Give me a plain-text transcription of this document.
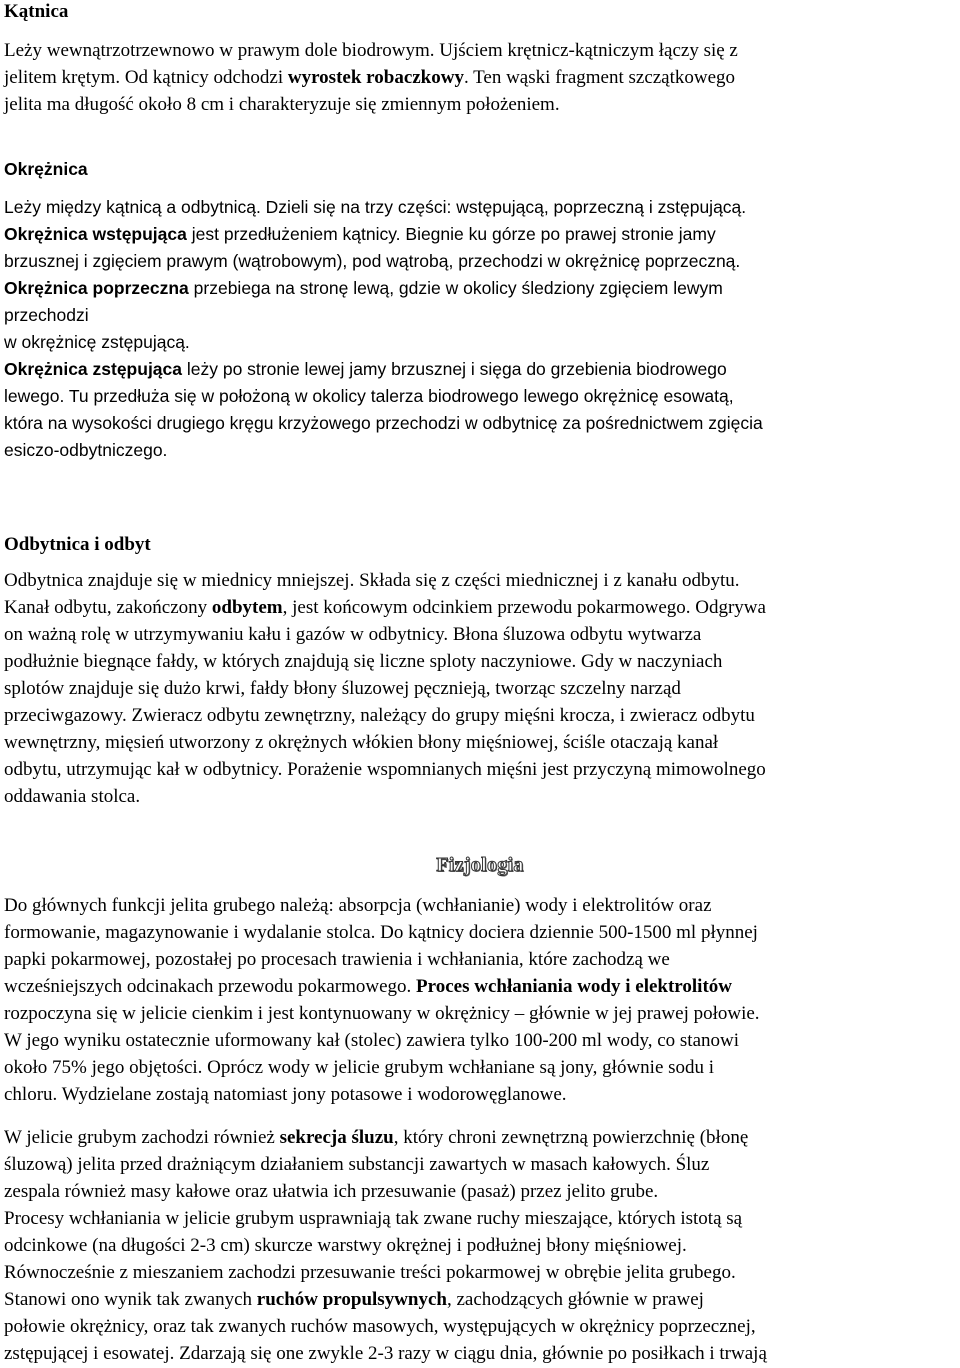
Kątnica
Leży wewnątrzotrzewnowo w prawym dole biodrowym. Ujściem krętnicz-kątniczym łączy się z
jelitem krętym. Od kątnicy odchodzi wyrostek robaczkowy. Ten wąski fragment szczątkowego
jelita ma długość około 8 cm i charakteryzuje się zmiennym położeniem.
Okrężnica
Leży między kątnicą a odbytnicą. Dzieli się na trzy części: wstępującą, poprzeczną i zstępującą.
Okrężnica wstępująca jest przedłużeniem kątnicy. Biegnie ku górze po prawej stronie jamy
brzusznej i zgięciem prawym (wątrobowym), pod wątrobą, przechodzi w okrężnicę poprzeczną.
Okrężnica poprzeczna przebiega na stronę lewą, gdzie w okolicy śledziony zgięciem lewym
przechodzi
w okrężnicę zstępującą.
Okrężnica zstępująca leży po stronie lewej jamy brzusznej i sięga do grzebienia biodrowego
lewego. Tu przedłuża się w położoną w okolicy talerza biodrowego lewego okrężnicę esowatą,
która na wysokości drugiego kręgu krzyżowego przechodzi w odbytnicę za pośrednictwem zgięcia
esiczo-odbytniczego.
Odbytnica i odbyt
Odbytnica znajduje się w miednicy mniejszej. Składa się z części miednicznej i z kanału odbytu.
Kanał odbytu, zakończony odbytem, jest końcowym odcinkiem przewodu pokarmowego. Odgrywa
on ważną rolę w utrzymywaniu kału i gazów w odbytnicy. Błona śluzowa odbytu wytwarza
podłużnie biegnące fałdy, w których znajdują się liczne sploty naczyniowe. Gdy w naczyniach
splotów znajduje się dużo krwi, fałdy błony śluzowej pęcznieją, tworząc szczelny narząd
przeciwgazowy. Zwieracz odbytu zewnętrzny, należący do grupy mięśni krocza, i zwieracz odbytu
wewnętrzny, mięsień utworzony z okrężnych włókien błony mięśniowej, ściśle otaczają kanał
odbytu, utrzymując kał w odbytnicy. Porażenie wspomnianych mięśni jest przyczyną mimowolnego
oddawania stolca.
Fizjologia
Do głównych funkcji jelita grubego należą: absorpcja (wchłanianie) wody i elektrolitów oraz
formowanie, magazynowanie i wydalanie stolca. Do kątnicy dociera dziennie 500-1500 ml płynnej
papki pokarmowej, pozostałej po procesach trawienia i wchłaniania, które zachodzą we
wcześniejszych odcinakach przewodu pokarmowego. Proces wchłaniania wody i elektrolitów
rozpoczyna się w jelicie cienkim i jest kontynuowany w okrężnicy – głównie w jej prawej połowie.
W jego wyniku ostatecznie uformowany kał (stolec) zawiera tylko 100-200 ml wody, co stanowi
około 75% jego objętości. Oprócz wody w jelicie grubym wchłaniane są jony, głównie sodu i
chloru. Wydzielane zostają natomiast jony potasowe i wodorowęglanowe.
W jelicie grubym zachodzi również sekrecja śluzu, który chroni zewnętrzną powierzchnię (błonę
śluzową) jelita przed drażniącym działaniem substancji zawartych w masach kałowych. Śluz
zespala również masy kałowe oraz ułatwia ich przesuwanie (pasaż) przez jelito grube.
Procesy wchłaniania w jelicie grubym usprawniają tak zwane ruchy mieszające, których istotą są
odcinkowe (na długości 2-3 cm) skurcze warstwy okrężnej i podłużnej błony mięśniowej.
Równocześnie z mieszaniem zachodzi przesuwanie treści pokarmowej w obrębie jelita grubego.
Stanowi ono wynik tak zwanych ruchów propulsywnych, zachodzących głównie w prawej
połowie okrężnicy, oraz tak zwanych ruchów masowych, występujących w okrężnicy poprzecznej,
zstępującej i esowatej. Zdarzają się one zwykle 2-3 razy w ciągu dnia, głównie po posiłkach i trwają
